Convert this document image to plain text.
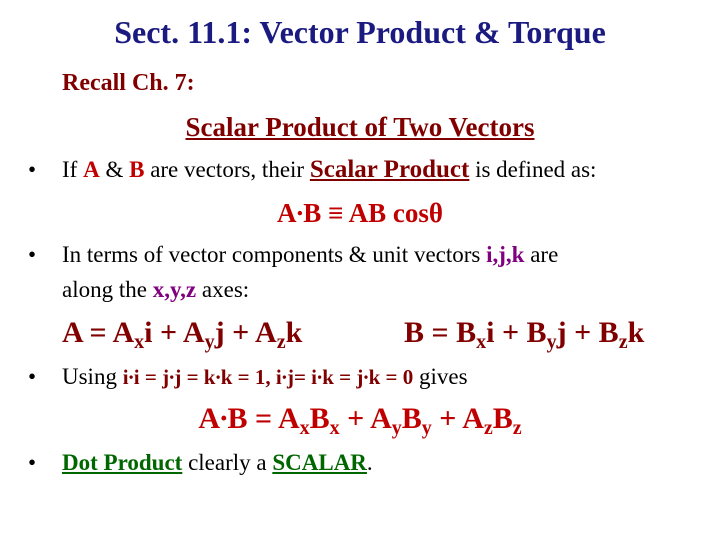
Sect. 11.1: Vector Product & Torque
Recall Ch. 7:
Scalar Product of Two Vectors
• If A & B are vectors, their Scalar Product is defined as:
A∙B ≡ AB cosθ
• In terms of vector components & unit vectors i,j,k are
along the x,y,z axes:
$A = A_xi + A_yj + A_zk$	$B = B_xi + B_yj + B_zk$
• Using i∙i = j∙j = k∙k = 1, i∙j= i∙k = j∙k = 0 gives
$A\cdot B = A_xB_x + A_yB_y + A_zB_z$
• Dot Product clearly a SCALAR.
